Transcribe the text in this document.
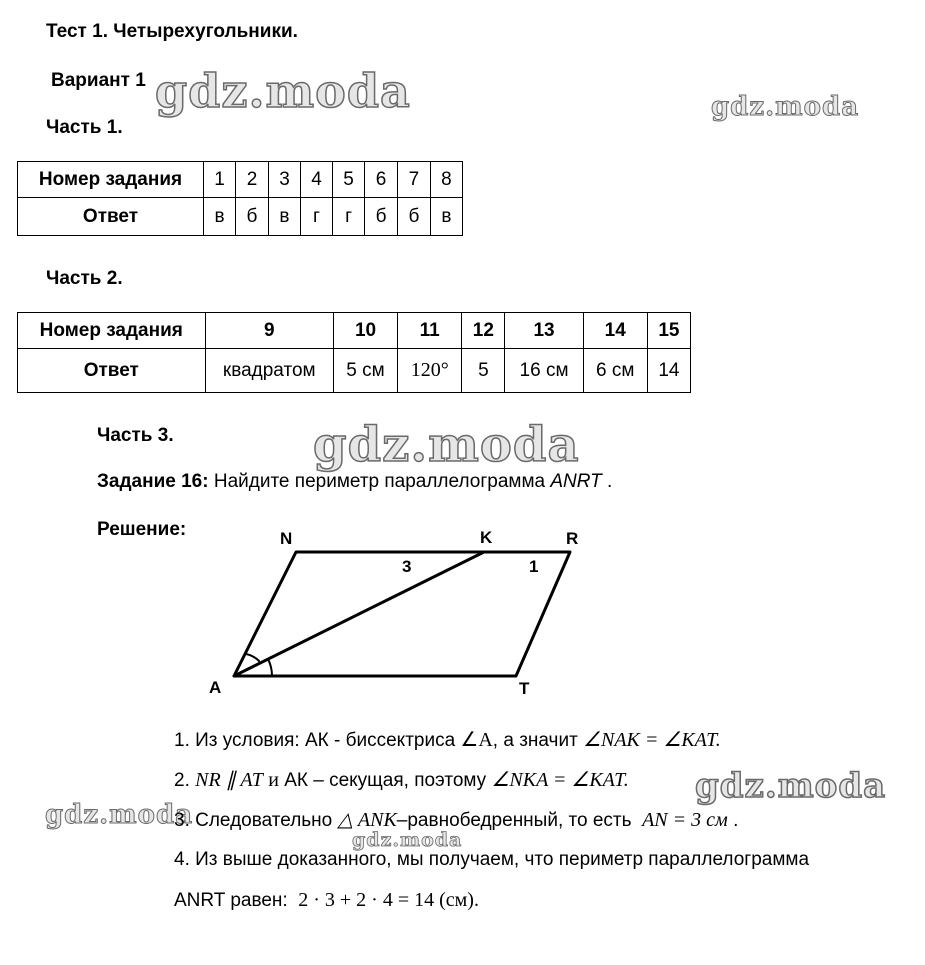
Тест 1. Четырехугольники.
Вариант 1
Часть 1.
gdz.moda	gdz.moda
Номер задания	1	2	3	4	5	6	7	8
Ответ	в	б	в	г	г	б	б	в
Часть 2.
Номер задания	9	10	11	12	13	14	15
Ответ	квадратом	5 см	120°	5	16 см	6 см	14
Часть 3.	gdz.moda
Задание 16: Найдите периметр параллелограмма ANRT .
Решение:	N	K	R
A	T
3	1
1. Из условия: АК - биссектриса ∠A, а значит ∠NAK = ∠KAT.
2. NR ∥ AT и АК – секущая, поэтому ∠NKA = ∠KAT. gdz.moda
gdz.moda
3. Следовательно △ ANK–равнобедренный, то есть AN = 3 см .
gdz.moda
4. Из выше доказанного, мы получаем, что периметр параллелограмма
ANRT равен: 2 · 3 + 2 · 4 = 14 (см).
